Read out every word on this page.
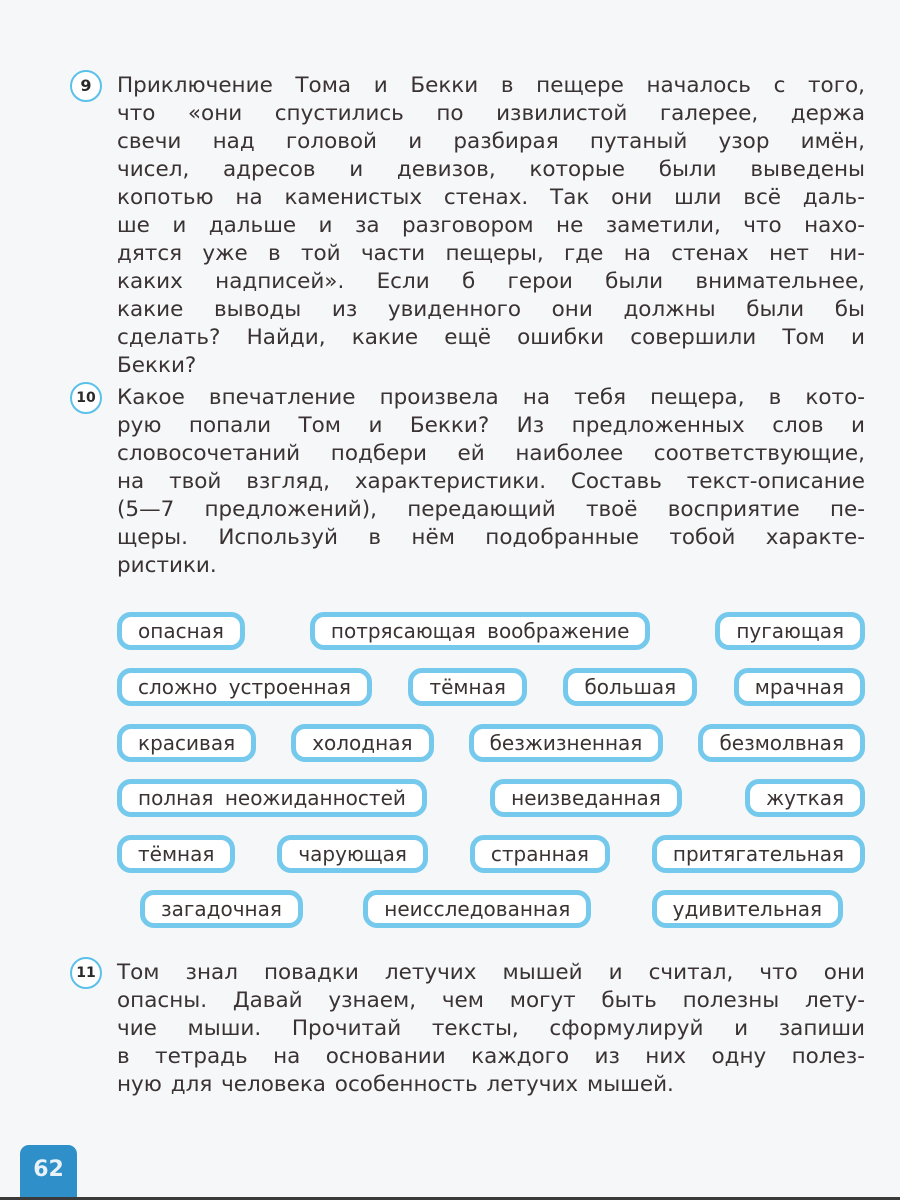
9	Приключение Тома и Бекки в пещере началось с того,
что «они спустились по извилистой галерее, держа
свечи над головой и разбирая путаный узор имён,
чисел, адресов и девизов, которые были выведены
копотью на каменистых стенах. Так они шли всё даль-
ше и дальше и за разговором не заметили, что нахо-
дятся уже в той части пещеры, где на стенах нет ни-
каких надписей». Если б герои были внимательнее,
какие выводы из увиденного они должны были бы
сделать? Найди, какие ещё ошибки совершили Том и
Бекки?
10 Какое впечатление произвела на тебя пещера, в кото-
рую попали Том и Бекки? Из предложенных слов и
словосочетаний подбери ей наиболее соответствующие,
на твой взгляд, характеристики. Составь текст-описание
(5—7 предложений), передающий твоё восприятие пе-
щеры. Используй в нём подобранные тобой характе-
ристики.
11 Том знал повадки летучих мышей и считал, что они
опасны. Давай узнаем, чем могут быть полезны лету-
чие мыши. Прочитай тексты, сформулируй и запиши
в тетрадь на основании каждого из них одну полез-
ную для человека особенность летучих мышей.
опасная	потрясающая воображение	пугающая
сложно устроенная	тёмная	большая	мрачная
красивая	холодная	безжизненная	безмолвная
полная неожиданностей	неизведанная	жуткая
тёмная	чарующая	странная	притягательная
загадочная	неисследованная	удивительная
62
